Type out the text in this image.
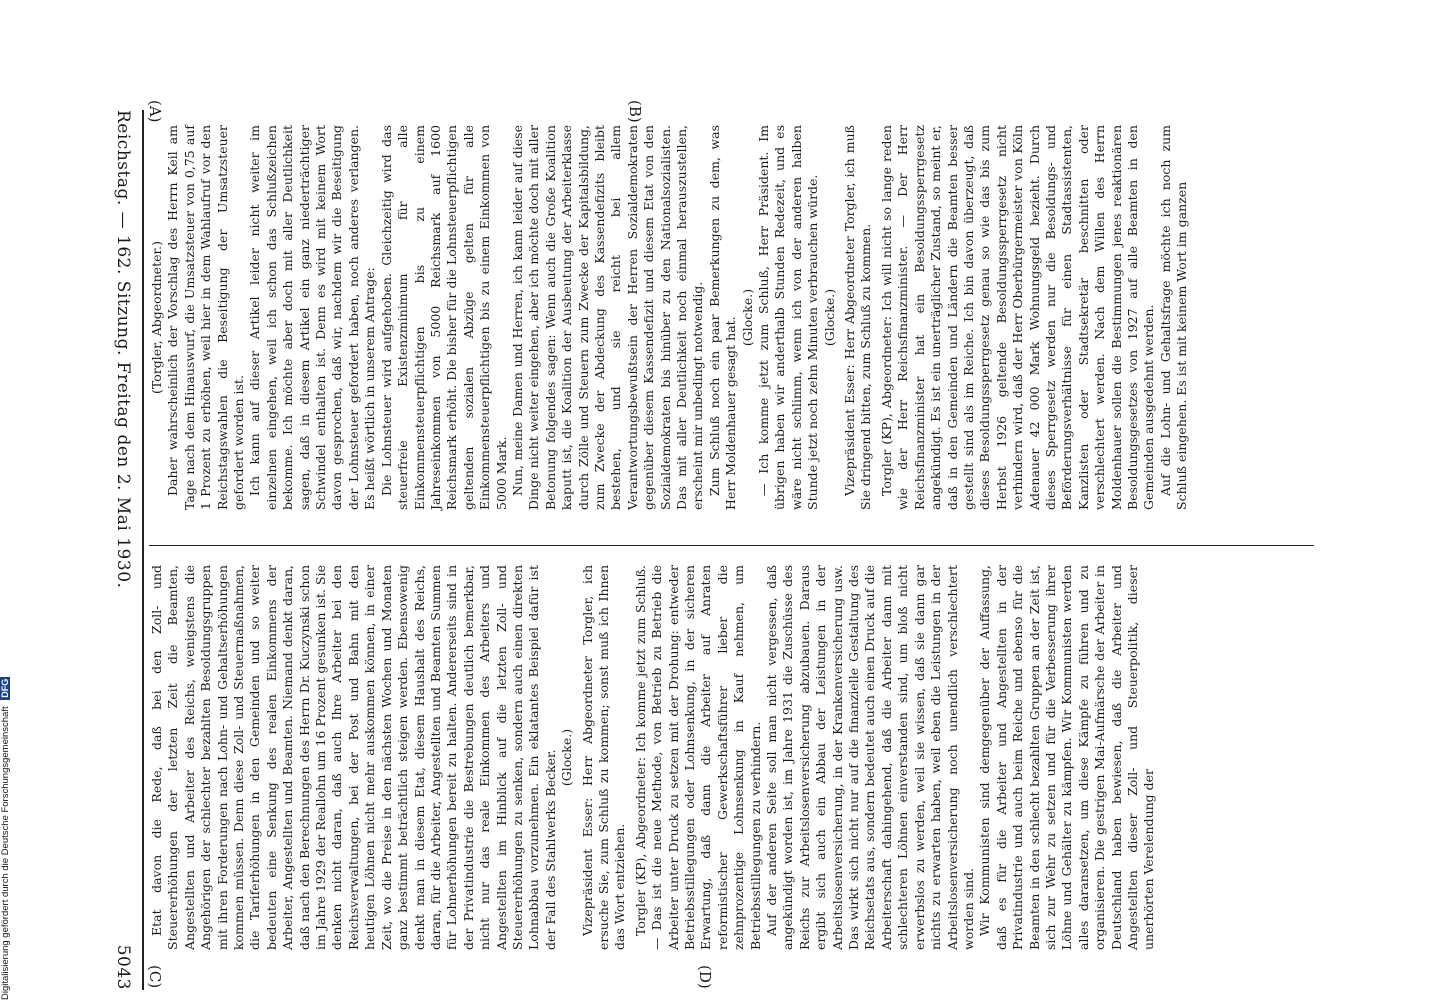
Reichstag. — 162. Sitzung. Freitag den 2. Mai 1930.
5043
(A)	(B)
(C)	(D)

(Torgler, Abgeordneter.) Daher wahrscheinlich der Vorschlag des Herrn Keil am Tage nach dem Hinauswurf, die Umsatzsteuer von 0,75 auf 1 Prozent zu erhöhen, weil hier in dem Wahlaufruf vor den Reichstagswahlen die Beseitigung der Umsatzsteuer gefordert worden ist. Ich kann auf dieser Artikel leider nicht weiter im einzelnen eingehen, weil ich schon das Schlußzeichen bekomme. Ich möchte aber doch mit aller Deutlichkeit sagen, daß in diesem Artikel ein ganz niederträchtiger Schwindel enthalten ist. Denn es wird mit keinem Wort davon gesprochen, daß wir, nachdem wir die Beseitigung der Lohnsteuer gefordert haben, noch anderes verlangen. Es heißt wörtlich in unserem Antrage: Die Lohnsteuer wird aufgehoben. Gleichzeitig wird das steuerfreie Existenzminimum für alle Einkommensteuerpflichtigen bis zu einem Jahreseinkommen von 5000 Reichsmark auf 1600 Reichsmark erhöht. Die bisher für die Lohnsteuerpflichtigen geltenden sozialen Abzüge gelten für alle Einkommensteuerpflichtigen bis zu einem Einkommen von 5000 Mark. Nun, meine Damen und Herren, ich kann leider auf diese Dinge nicht weiter eingehen, aber ich möchte doch mit aller Betonung folgendes sagen: Wenn auch die Große Koalition kaputt ist, die Koalition der Ausbeutung der Arbeiterklasse durch Zölle und Steuern zum Zwecke der Kapitalsbildung, zum Zwecke der Abdeckung des Kassendefizits bleibt bestehen, und sie reicht bei allem Verantwortungsbewußtsein der Herren Sozialdemokraten gegenüber diesem Kassendefizit und diesem Etat von den Sozialdemokraten bis hinüber zu den Nationalsozialisten. Das mit aller Deutlichkeit noch einmal herauszustellen, erscheint mir unbedingt notwendig. Zum Schluß noch ein paar Bemerkungen zu dem, was Herr Moldenhauer gesagt hat. (Glocke.) — Ich komme jetzt zum Schluß, Herr Präsident. Im übrigen haben wir anderthalb Stunden Redezeit, und es wäre nicht schlimm, wenn ich von der anderen halben Stunde jetzt noch zehn Minuten verbrauchen würde. (Glocke.) Vizepräsident Esser: Herr Abgeordneter Torgler, ich muß Sie dringend bitten, zum Schluß zu kommen. Torgler (KP), Abgeordneter: Ich will nicht so lange reden wie der Herr Reichsfinanzminister. — Der Herr Reichsfinanzminister hat ein Besoldungssperrgesetz angekündigt. Es ist ein unerträglicher Zustand, so meint er, daß in den Gemeinden und Ländern die Beamten besser gestellt sind als im Reiche. Ich bin davon überzeugt, daß dieses Besoldungssperrgesetz genau so wie das bis zum Herbst 1926 geltende Besoldungssperrgesetz nicht verhindern wird, daß der Herr Oberbürgermeister von Köln Adenauer 42 000 Mark Wohnungsgeld bezieht. Durch dieses Sperrgesetz werden nur die Besoldungs- und Beförderungsverhältnisse für einen Stadtassistenten, Kanzlisten oder Stadtsekretär beschnitten oder verschlechtert werden. Nach dem Willen des Herrn Moldenhauer sollen die Bestimmungen jenes reaktionären Besoldungsgesetzes von 1927 auf alle Beamten in den Gemeinden ausgedehnt werden. Auf die Lohn- und Gehaltsfrage möchte ich noch zum Schluß eingehen. Es ist mit keinem Wort im ganzen

Etat davon die Rede, daß bei den Zoll- und Steuererhöhungen der letzten Zeit die Beamten, Angestellten und Arbeiter des Reichs, wenigstens die Angehörigen der schlechter bezahlten Besoldungsgruppen mit ihren Forderungen nach Lohn- und Gehaltserhöhungen kommen müssen. Denn diese Zoll- und Steuermaßnahmen, die Tariferhöhungen in den Gemeinden und so weiter bedeuten eine Senkung des realen Einkommens der Arbeiter, Angestellten und Beamten. Niemand denkt daran, daß nach den Berechnungen des Herrn Dr. Kuczynski schon im Jahre 1929 der Reallohn um 16 Prozent gesunken ist. Sie denken nicht daran, daß auch Ihre Arbeiter bei den Reichsverwaltungen, bei der Post und Bahn mit den heutigen Löhnen nicht mehr auskommen können, in einer Zeit, wo die Preise in den nächsten Wochen und Monaten ganz bestimmt beträchtlich steigen werden. Ebensowenig denkt man in diesem Etat, diesem Haushalt des Reichs, daran, für die Arbeiter, Angestellten und Beamten Summen für Lohnerhöhungen bereit zu halten. Andererseits sind in der Privatindustrie die Bestrebungen deutlich bemerkbar, nicht nur das reale Einkommen des Arbeiters und Angestellten im Hinblick auf die letzten Zoll- und Steuererhöhungen zu senken, sondern auch einen direkten Lohnabbau vorzunehmen. Ein eklatantes Beispiel dafür ist der Fall des Stahlwerks Becker. (Glocke.) Vizepräsident Esser: Herr Abgeordneter Torgler, ich ersuche Sie, zum Schluß zu kommen; sonst muß ich Ihnen das Wort entziehen. Torgler (KP), Abgeordneter: Ich komme jetzt zum Schluß. — Das ist die neue Methode, von Betrieb zu Betrieb die Arbeiter unter Druck zu setzen mit der Drohung: entweder Betriebsstillegungen oder Lohnsenkung, in der sicheren Erwartung, daß dann die Arbeiter auf Anraten reformistischer Gewerkschaftsführer lieber die zehnprozentige Lohnsenkung in Kauf nehmen, um Betriebsstillegungen zu verhindern. Auf der anderen Seite soll man nicht vergessen, daß angekündigt worden ist, im Jahre 1931 die Zuschüsse des Reichs zur Arbeitslosenversicherung abzubauen. Daraus ergibt sich auch ein Abbau der Leistungen in der Arbeitslosenversicherung, in der Krankenversicherung usw. Das wirkt sich nicht nur auf die finanzielle Gestaltung des Reichsetats aus, sondern bedeutet auch einen Druck auf die Arbeiterschaft dahingehend, daß die Arbeiter dann mit schlechteren Löhnen einverstanden sind, um bloß nicht erwerbslos zu werden, weil sie wissen, daß sie dann gar nichts zu erwarten haben, weil eben die Leistungen in der Arbeitslosenversicherung noch unendlich verschlechtert worden sind. Wir Kommunisten sind demgegenüber der Auffassung, daß es für die Arbeiter und Angestellten in der Privatindustrie und auch beim Reiche und ebenso für die Beamten in den schlecht bezahlten Gruppen an der Zeit ist, sich zur Wehr zu setzen und für die Verbesserung ihrer Löhne und Gehälter zu kämpfen. Wir Kommunisten werden alles daransetzen, um diese Kämpfe zu führen und zu organisieren. Die gestrigen Mai-Aufmärsche der Arbeiter in Deutschland haben bewiesen, daß die Arbeiter und Angestellten dieser Zoll- und Steuerpolitik, dieser unerhörten Verelendung der

Digitalisierung gefördert durch die Deutsche Forschungsgemeinschaft DFG
